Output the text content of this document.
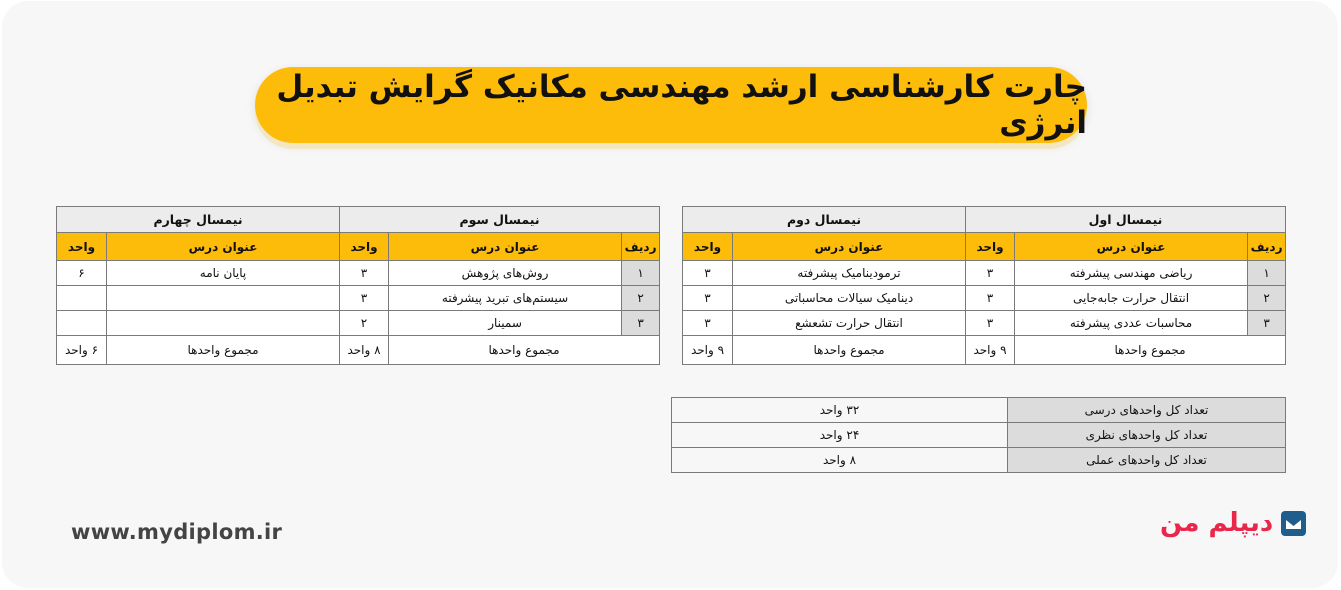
چارت کارشناسی ارشد مهندسی مکانیک گرایش تبدیل انرژی
نیمسال اول			نیمسال دوم	
ردیف	عنوان درس	واحد	عنوان درس	واحد
۱	ریاضی مهندسی پیشرفته	۳	ترمودینامیک پیشرفته	۳
۲	انتقال حرارت جابه‌جایی	۳	دینامیک سیالات محاسباتی	۳
۳	محاسبات عددی پیشرفته	۳	انتقال حرارت تشعشع	۳
مجموع واحدها		۹ واحد	مجموع واحدها	۹ واحد
نیمسال سوم			نیمسال چهارم	
ردیف	عنوان درس	واحد	عنوان درس	واحد
۱	روش‌های پژوهش	۳	پایان نامه	۶
۲	سیستم‌های تبرید پیشرفته	۳		
۳	سمینار	۲		
مجموع واحدها		۸ واحد	مجموع واحدها	۶ واحد
تعداد کل واحدهای درسی	۳۲ واحد
تعداد کل واحدهای نظری	۲۴ واحد
تعداد کل واحدهای عملی	۸ واحد
www.mydiplom.ir	دیپلم من
